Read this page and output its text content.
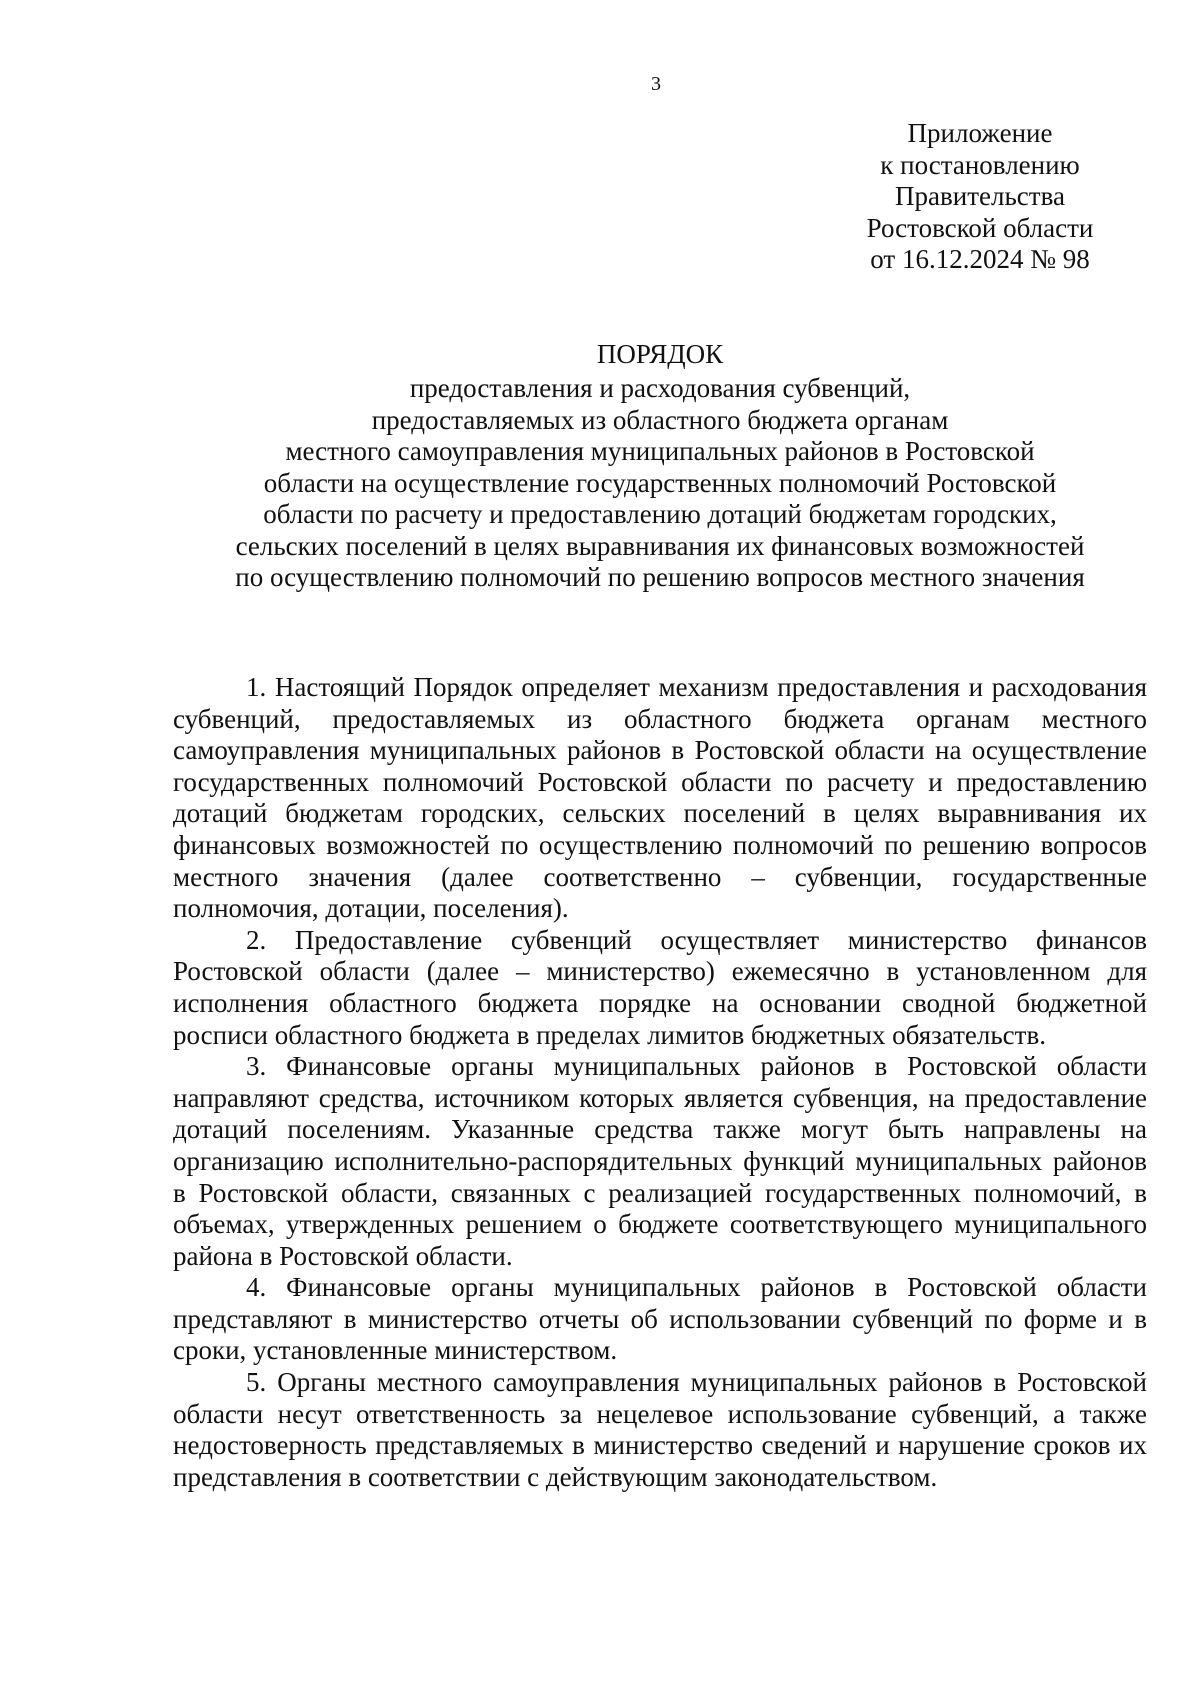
3
Приложение
к постановлению
Правительства
Ростовской области
от 16.12.2024 № 98
ПОРЯДОК
предоставления и расходования субвенций,
предоставляемых из областного бюджета органам
местного самоуправления муниципальных районов в Ростовской
области на осуществление государственных полномочий Ростовской
области по расчету и предоставлению дотаций бюджетам городских,
сельских поселений в целях выравнивания их финансовых возможностей
по осуществлению полномочий по решению вопросов местного значения

1. Настоящий Порядок определяет механизм предоставления и расходования субвенций, предоставляемых из областного бюджета органам местного самоуправления муниципальных районов в Ростовской области на осуществление государственных полномочий Ростовской области по расчету и предоставлению дотаций бюджетам городских, сельских поселений в целях выравнивания их финансовых возможностей по осуществлению полномочий по решению вопросов местного значения (далее соответственно – субвенции, государственные полномочия, дотации, поселения).

2. Предоставление субвенций осуществляет министерство финансов Ростовской области (далее – министерство) ежемесячно в установленном для исполнения областного бюджета порядке на основании сводной бюджетной росписи областного бюджета в пределах лимитов бюджетных обязательств.

3. Финансовые органы муниципальных районов в Ростовской области направляют средства, источником которых является субвенция, на предоставление дотаций поселениям. Указанные средства также могут быть направлены на организацию исполнительно-распорядительных функций муниципальных районов в Ростовской области, связанных с реализацией государственных полномочий, в объемах, утвержденных решением о бюджете соответствующего муниципального района в Ростовской области.

4. Финансовые органы муниципальных районов в Ростовской области представляют в министерство отчеты об использовании субвенций по форме и в сроки, установленные министерством.

5. Органы местного самоуправления муниципальных районов в Ростовской области несут ответственность за нецелевое использование субвенций, а также недостоверность представляемых в министерство сведений и нарушение сроков их представления в соответствии с действующим законодательством.
